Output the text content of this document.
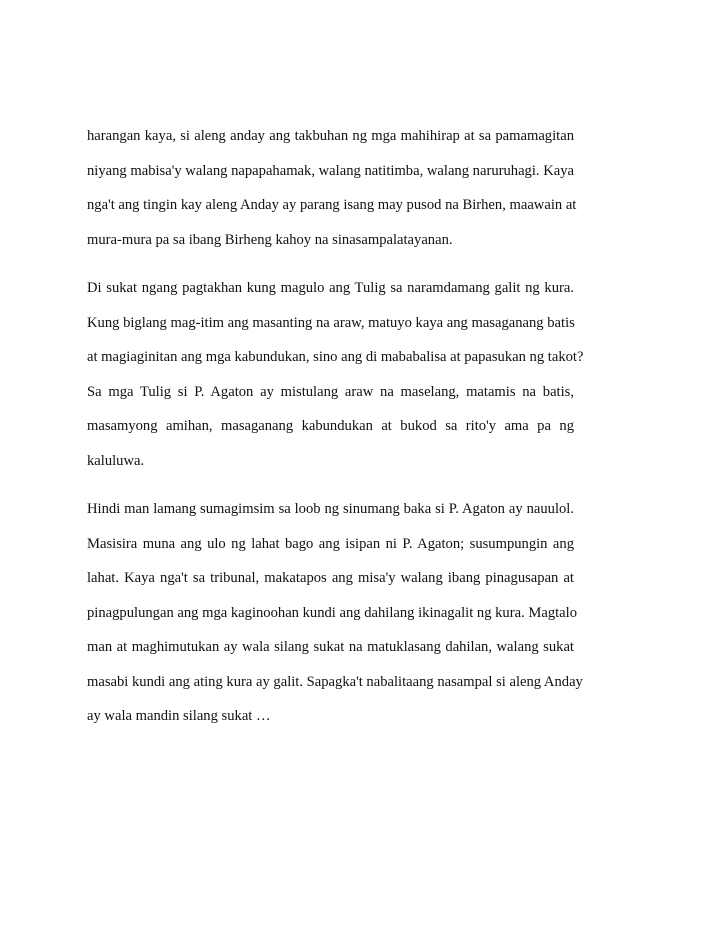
harangan kaya, si aleng anday ang takbuhan ng mga mahihirap at sa pamamagitan
niyang mabisa'y walang napapahamak, walang natitimba, walang naruruhagi. Kaya
nga't ang tingin kay aleng Anday ay parang isang may pusod na Birhen, maawain at
mura-mura pa sa ibang Birheng kahoy na sinasampalatayanan.

Di sukat ngang pagtakhan kung magulo ang Tulig sa naramdamang galit ng kura.
Kung biglang mag-itim ang masanting na araw, matuyo kaya ang masaganang batis
at magiaginitan ang mga kabundukan, sino ang di mababalisa at papasukan ng takot?
Sa mga Tulig si P. Agaton ay mistulang araw na maselang, matamis na batis,
masamyong amihan, masaganang kabundukan at bukod sa rito'y ama pa ng
kaluluwa.

Hindi man lamang sumagimsim sa loob ng sinumang baka si P. Agaton ay nauulol.
Masisira muna ang ulo ng lahat bago ang isipan ni P. Agaton; susumpungin ang
lahat. Kaya nga't sa tribunal, makatapos ang misa'y walang ibang pinagusapan at
pinagpulungan ang mga kaginoohan kundi ang dahilang ikinagalit ng kura. Magtalo
man at maghimutukan ay wala silang sukat na matuklasang dahilan, walang sukat
masabi kundi ang ating kura ay galit. Sapagka't nabalitaang nasampal si aleng Anday
ay wala mandin silang sukat …
